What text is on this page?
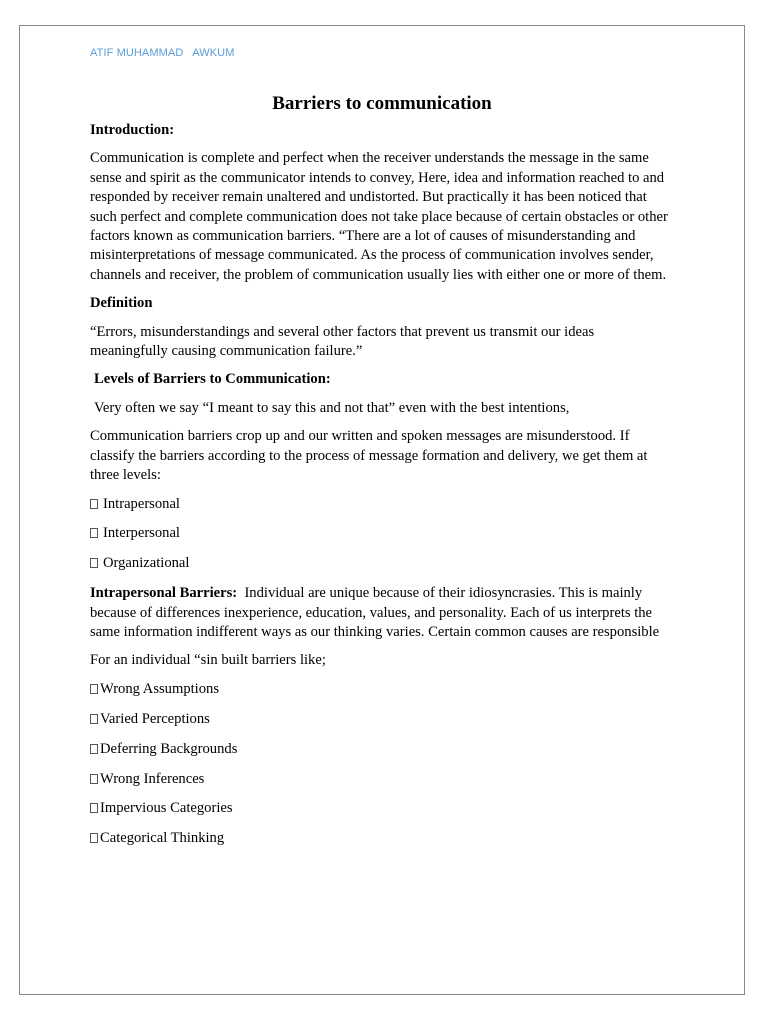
ATIF MUHAMMAD   AWKUM
Barriers to communication
Introduction:
Communication is complete and perfect when the receiver understands the message in the same sense and spirit as the communicator intends to convey, Here, idea and information reached to and responded by receiver remain unaltered and undistorted. But practically it has been noticed that such perfect and complete communication does not take place because of certain obstacles or other factors known as communication barriers. “There are a lot of causes of misunderstanding and misinterpretations of message communicated. As the process of communication involves sender, channels and receiver, the problem of communication usually lies with either one or more of them.
Definition
“Errors, misunderstandings and several other factors that prevent us transmit our ideas meaningfully causing communication failure.”
Levels of Barriers to Communication:
Very often we say “I meant to say this and not that” even with the best intentions,
Communication barriers crop up and our written and spoken messages are misunderstood. If classify the barriers according to the process of message formation and delivery, we get them at three levels:
Intrapersonal
Interpersonal
Organizational
Intrapersonal Barriers: Individual are unique because of their idiosyncrasies. This is mainly because of differences inexperience, education, values, and personality. Each of us interprets the same information indifferent ways as our thinking varies. Certain common causes are responsible
For an individual “sin built barriers like;
Wrong Assumptions
Varied Perceptions
Deferring Backgrounds
Wrong Inferences
Impervious Categories
Categorical Thinking
